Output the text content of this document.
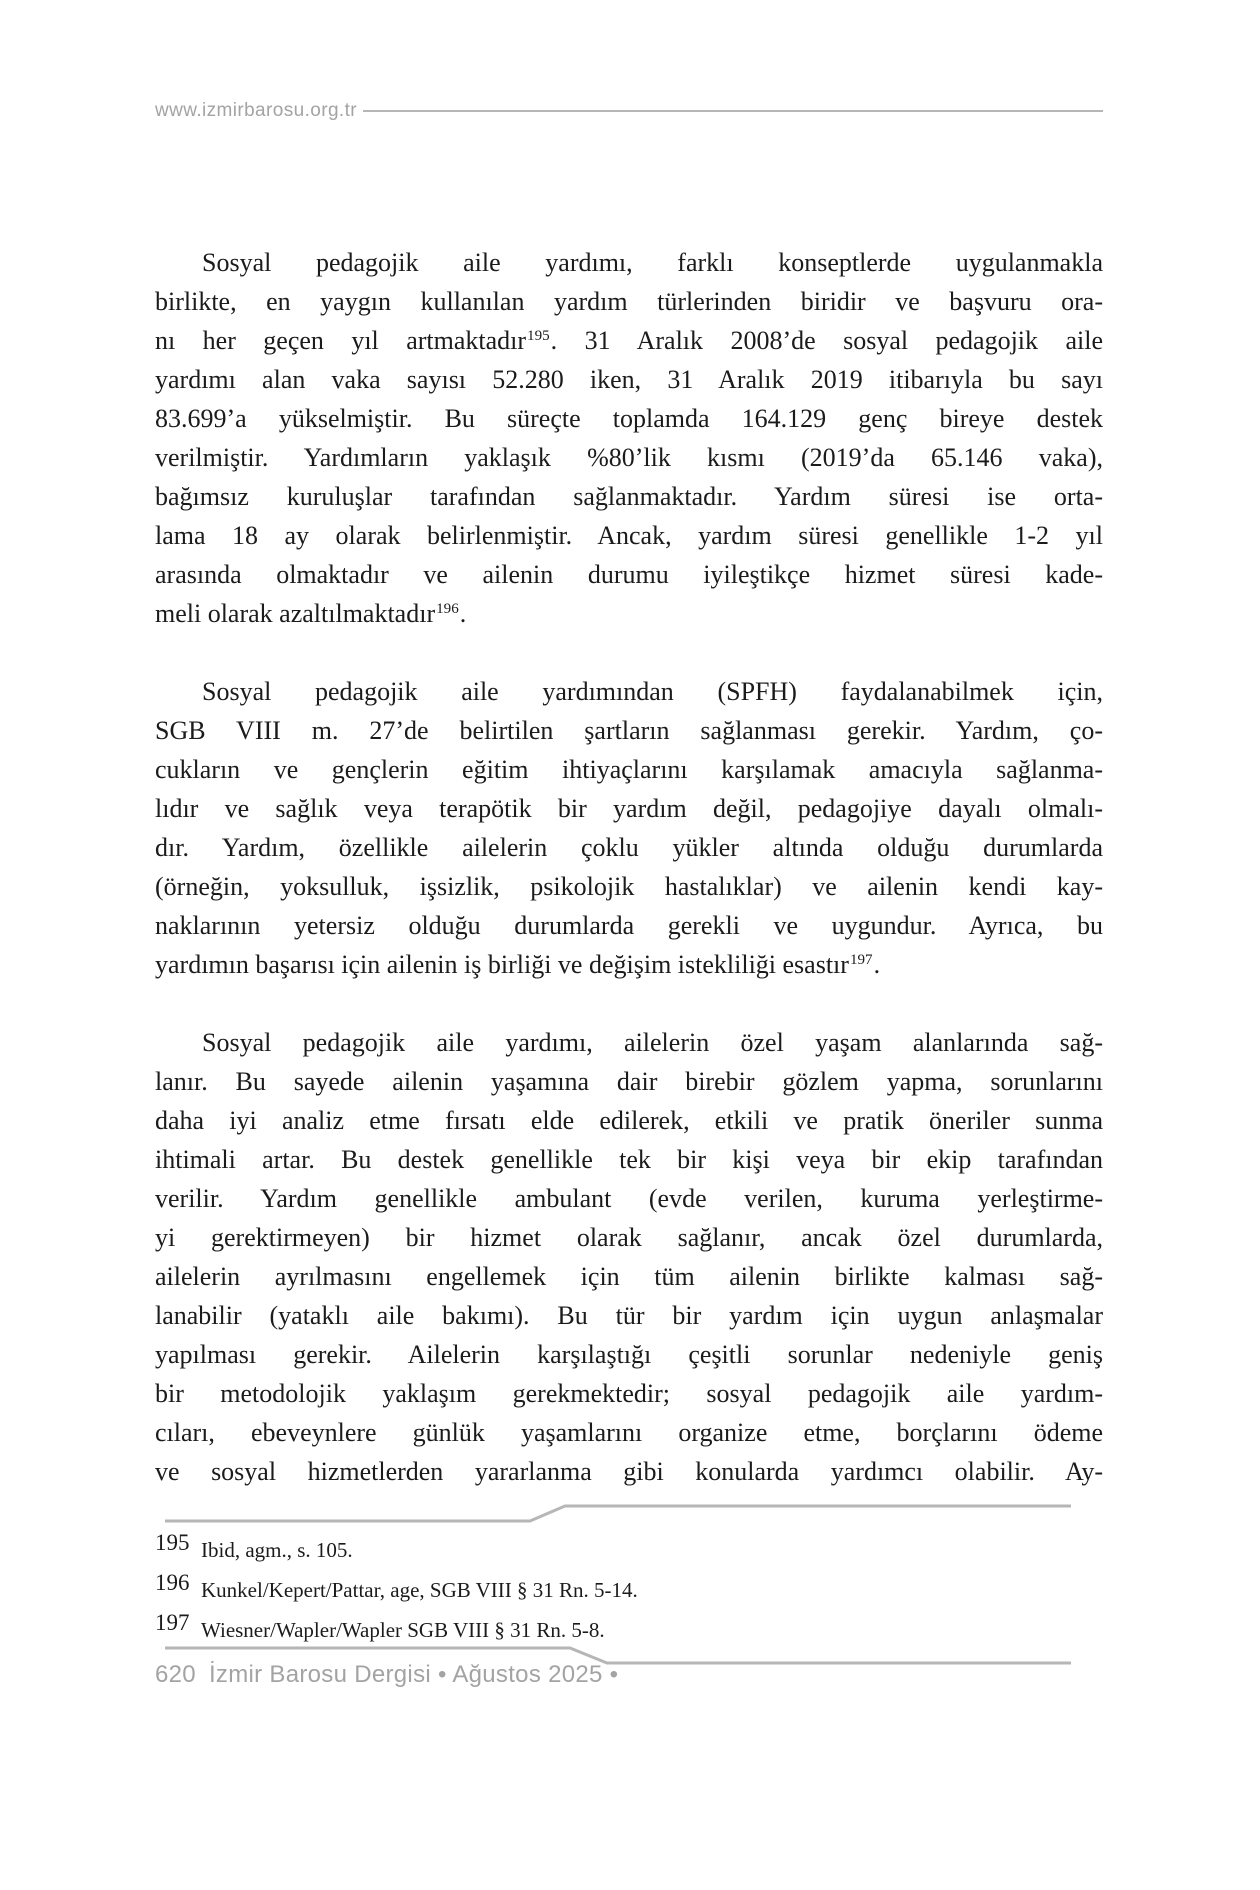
www.izmirbarosu.org.tr
Sosyal pedagojik aile yardımı, farklı konseptlerde uygulanmakla
birlikte, en yaygın kullanılan yardım türlerinden biridir ve başvuru ora-
nı her geçen yıl artmaktadır$^{195}$. 31 Aralık 2008’de sosyal pedagojik aile
yardımı alan vaka sayısı 52.280 iken, 31 Aralık 2019 itibarıyla bu sayı
83.699’a yükselmiştir. Bu süreçte toplamda 164.129 genç bireye destek
verilmiştir. Yardımların yaklaşık %80’lik kısmı (2019’da 65.146 vaka),
bağımsız kuruluşlar tarafından sağlanmaktadır. Yardım süresi ise orta-
lama 18 ay olarak belirlenmiştir. Ancak, yardım süresi genellikle 1-2 yıl
arasında olmaktadır ve ailenin durumu iyileştikçe hizmet süresi kade-
meli olarak azaltılmaktadır$^{196}$.
Sosyal pedagojik aile yardımından (SPFH) faydalanabilmek için,
SGB VIII m. 27’de belirtilen şartların sağlanması gerekir. Yardım, ço-
cukların ve gençlerin eğitim ihtiyaçlarını karşılamak amacıyla sağlanma-
lıdır ve sağlık veya terapötik bir yardım değil, pedagojiye dayalı olmalı-
dır. Yardım, özellikle ailelerin çoklu yükler altında olduğu durumlarda
(örneğin, yoksulluk, işsizlik, psikolojik hastalıklar) ve ailenin kendi kay-
naklarının yetersiz olduğu durumlarda gerekli ve uygundur. Ayrıca, bu
yardımın başarısı için ailenin iş birliği ve değişim istekliliği esastır$^{197}$.
Sosyal pedagojik aile yardımı, ailelerin özel yaşam alanlarında sağ-
lanır. Bu sayede ailenin yaşamına dair birebir gözlem yapma, sorunlarını
daha iyi analiz etme fırsatı elde edilerek, etkili ve pratik öneriler sunma
ihtimali artar. Bu destek genellikle tek bir kişi veya bir ekip tarafından
verilir. Yardım genellikle ambulant (evde verilen, kuruma yerleştirme-
yi gerektirmeyen) bir hizmet olarak sağlanır, ancak özel durumlarda,
ailelerin ayrılmasını engellemek için tüm ailenin birlikte kalması sağ-
lanabilir (yataklı aile bakımı). Bu tür bir yardım için uygun anlaşmalar
yapılması gerekir. Ailelerin karşılaştığı çeşitli sorunlar nedeniyle geniş
bir metodolojik yaklaşım gerekmektedir; sosyal pedagojik aile yardım-
cıları, ebeveynlere günlük yaşamlarını organize etme, borçlarını ödeme
ve sosyal hizmetlerden yararlanma gibi konularda yardımcı olabilir. Ay-
195 Ibid, agm., s. 105.
196 Kunkel/Kepert/Pattar, age, SGB VIII § 31 Rn. 5-14.
197 Wiesner/Wapler/Wapler SGB VIII § 31 Rn. 5-8.
620 İzmir Barosu Dergisi • Ağustos 2025 •
